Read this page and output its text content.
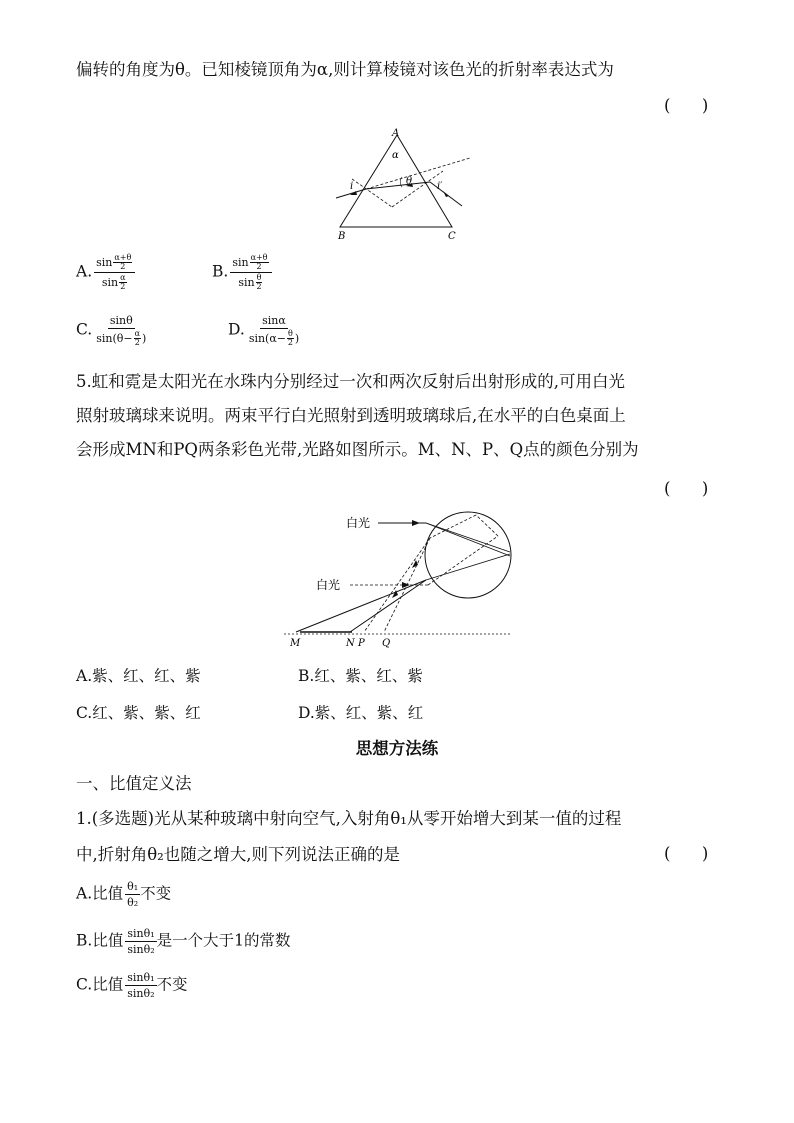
偏转的角度为θ。已知棱镜顶角为α,则计算棱镜对该色光的折射率表达式为
(      )
A
α
θ
i	i′
B	C
A. sin α+θ
2
sin α
2	B. sin α+θ
2
sin θ
2
C. $\frac{\sin\theta}{\sin(\theta- \frac{\alpha}{2} )}$	D. $\frac{\sin\alpha}{\sin(\alpha- \frac{\theta}{2} )}$
5.虹和霓是太阳光在水珠内分别经过一次和两次反射后出射形成的,可用白光
照射玻璃球来说明。两束平行白光照射到透明玻璃球后,在水平的白色桌面上
会形成MN和PQ两条彩色光带,光路如图所示。M、N、P、Q点的颜色分别为
(      )
白光
白光
M	N P Q
A.紫、红、红、紫	B.红、紫、红、紫
C.红、紫、紫、红	D.紫、红、紫、红
思想方法练
一、比值定义法
1.(多选题)光从某种玻璃中射向空气,入射角θ₁从零开始增大到某一值的过程
中,折射角θ₂也随之增大,则下列说法正确的是	(      )
A.比值 $\frac{\text{θ₁}}{\text{θ₂}}$ 不变
B.比值 $\frac{\text{sinθ₁}}{\text{sinθ₂}}$ 是一个大于1的常数
C.比值 $\frac{\text{sinθ₁}}{\text{sinθ₂}}$ 不变
